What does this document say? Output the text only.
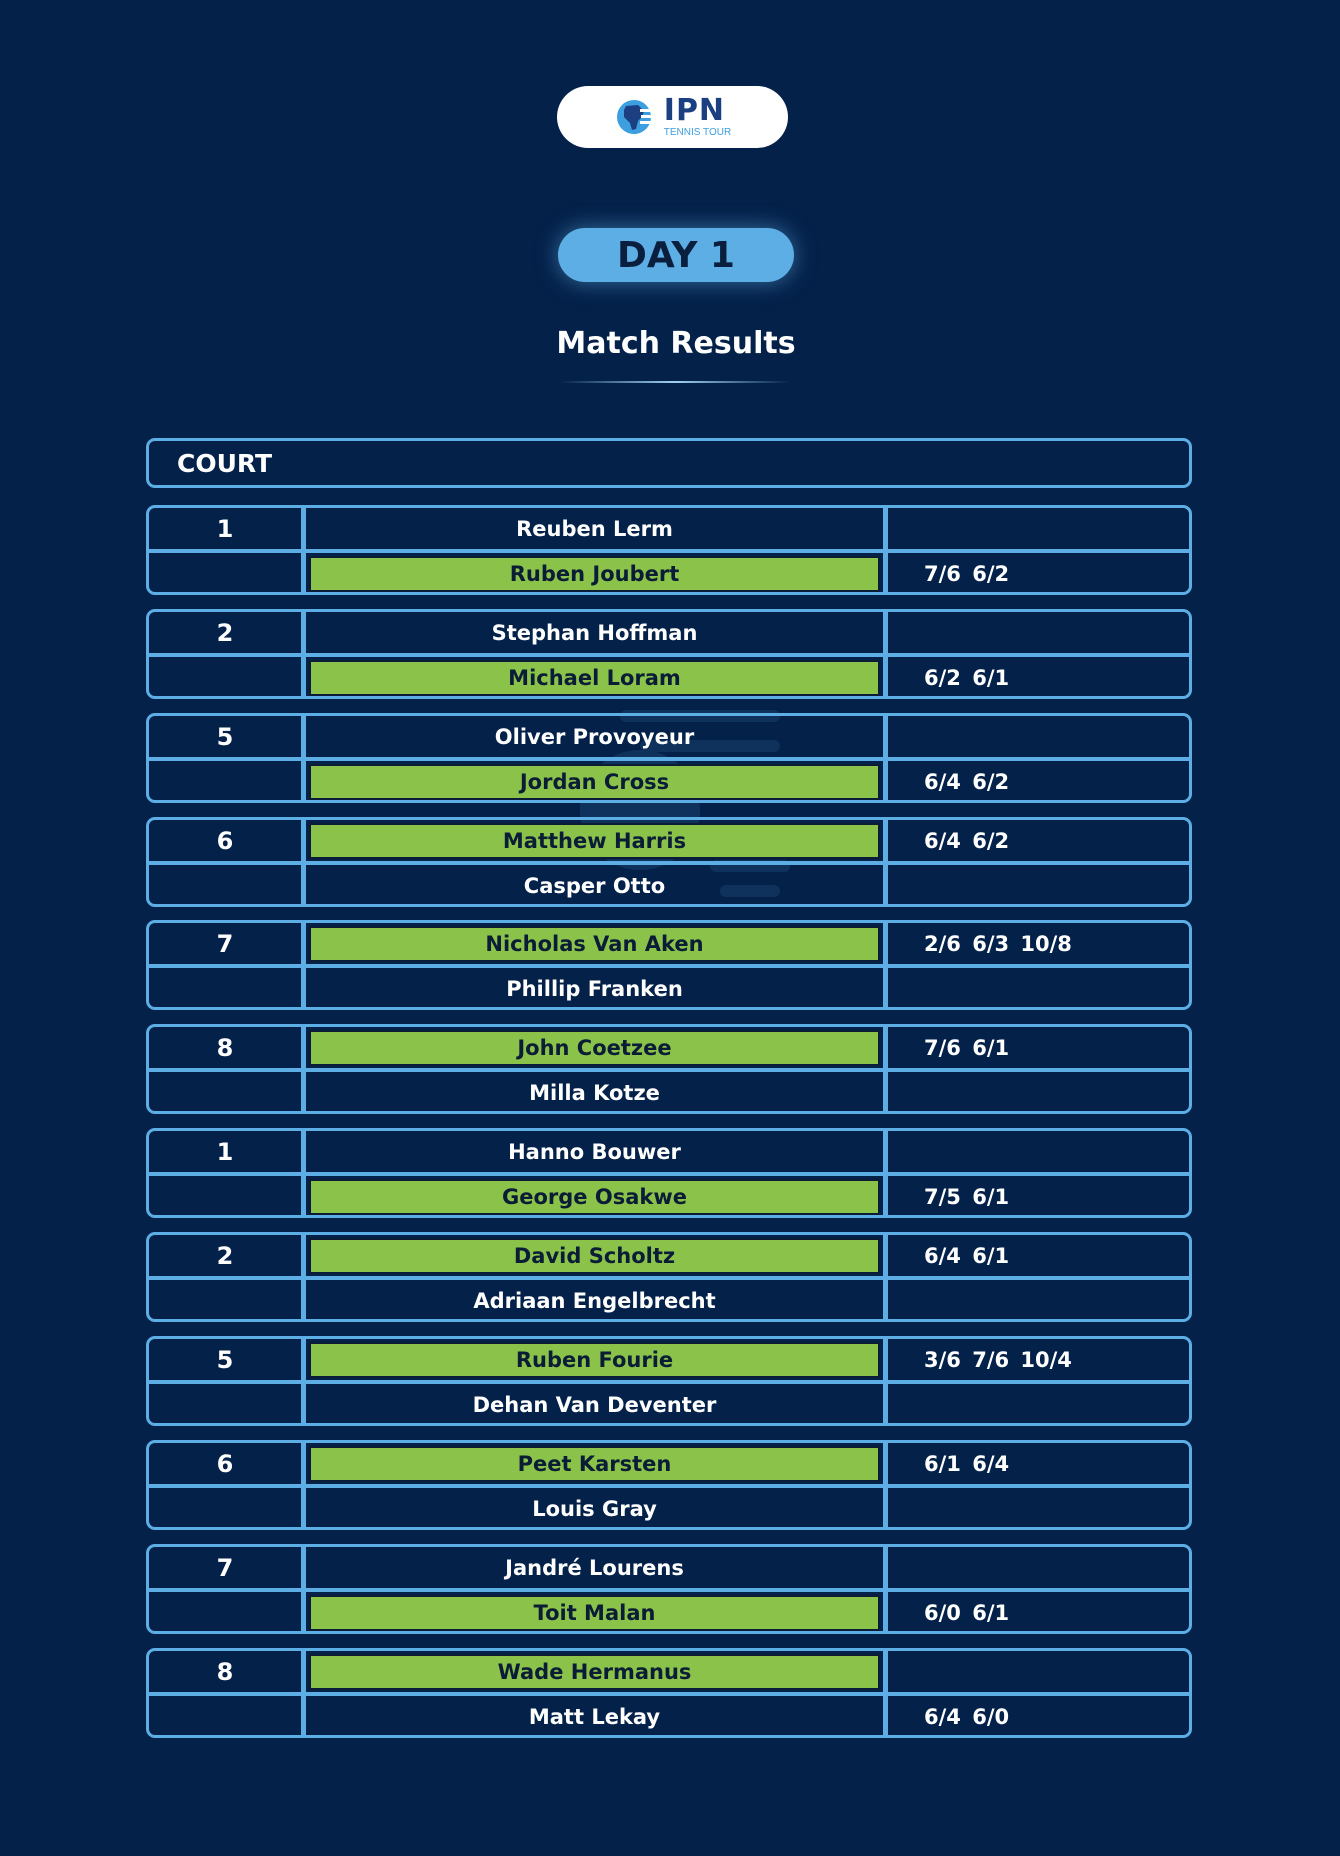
IPN
TENNIS TOUR
DAY 1
Match Results
COURT
1	Reuben Lerm
Ruben Joubert	7/6 6/2
2	Stephan Hoffman
Michael Loram	6/2 6/1
5	Oliver Provoyeur
Jordan Cross	6/4 6/2
6	Matthew Harris	6/4 6/2
Casper Otto
7	Nicholas Van Aken	2/6 6/3 10/8
Phillip Franken
8	John Coetzee	7/6 6/1
Milla Kotze
1	Hanno Bouwer
George Osakwe	7/5 6/1
2	David Scholtz	6/4 6/1
Adriaan Engelbrecht
5	Ruben Fourie	3/6 7/6 10/4
Dehan Van Deventer
6	Peet Karsten	6/1 6/4
Louis Gray
7	Jandré Lourens
Toit Malan	6/0 6/1
8	Wade Hermanus
Matt Lekay	6/4 6/0
